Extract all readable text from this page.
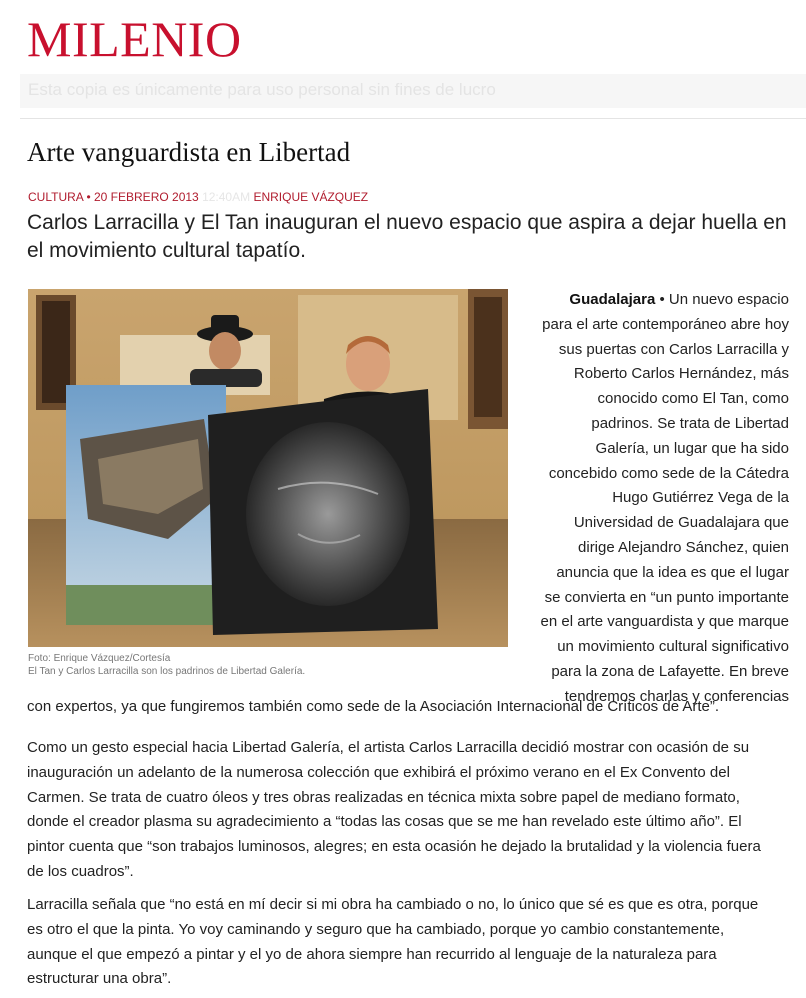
MILENIO
Esta copia es únicamente para uso personal sin fines de lucro
Arte vanguardista en Libertad
CULTURA • 20 FEBRERO 2013 12:40AM ENRIQUE VÁZQUEZ
Carlos Larracilla y El Tan inauguran el nuevo espacio que aspira a dejar huella en el movimiento cultural tapatío.
Foto: Enrique Vázquez/Cortesía
El Tan y Carlos Larracilla son los padrinos de Libertad Galería.
Guadalajara • Un nuevo espacio
para el arte contemporáneo abre hoy
sus puertas con Carlos Larracilla y
Roberto Carlos Hernández, más
conocido como El Tan, como
padrinos. Se trata de Libertad
Galería, un lugar que ha sido
concebido como sede de la Cátedra
Hugo Gutiérrez Vega de la
Universidad de Guadalajara que
dirige Alejandro Sánchez, quien
anuncia que la idea es que el lugar
se convierta en “un punto importante
en el arte vanguardista y que marque
un movimiento cultural significativo
para la zona de Lafayette. En breve
tendremos charlas y conferencias
con expertos, ya que fungiremos también como sede de la Asociación Internacional de Críticos de Arte”.
Como un gesto especial hacia Libertad Galería, el artista Carlos Larracilla decidió mostrar con ocasión de su
inauguración un adelanto de la numerosa colección que exhibirá el próximo verano en el Ex Convento del
Carmen. Se trata de cuatro óleos y tres obras realizadas en técnica mixta sobre papel de mediano formato,
donde el creador plasma su agradecimiento a “todas las cosas que se me han revelado este último año”. El
pintor cuenta que “son trabajos luminosos, alegres; en esta ocasión he dejado la brutalidad y la violencia fuera
de los cuadros”.
Larracilla señala que “no está en mí decir si mi obra ha cambiado o no, lo único que sé es que es otra, porque
es otro el que la pinta. Yo voy caminando y seguro que ha cambiado, porque yo cambio constantemente,
aunque el que empezó a pintar y el yo de ahora siempre han recurrido al lenguaje de la naturaleza para
estructurar una obra”.
